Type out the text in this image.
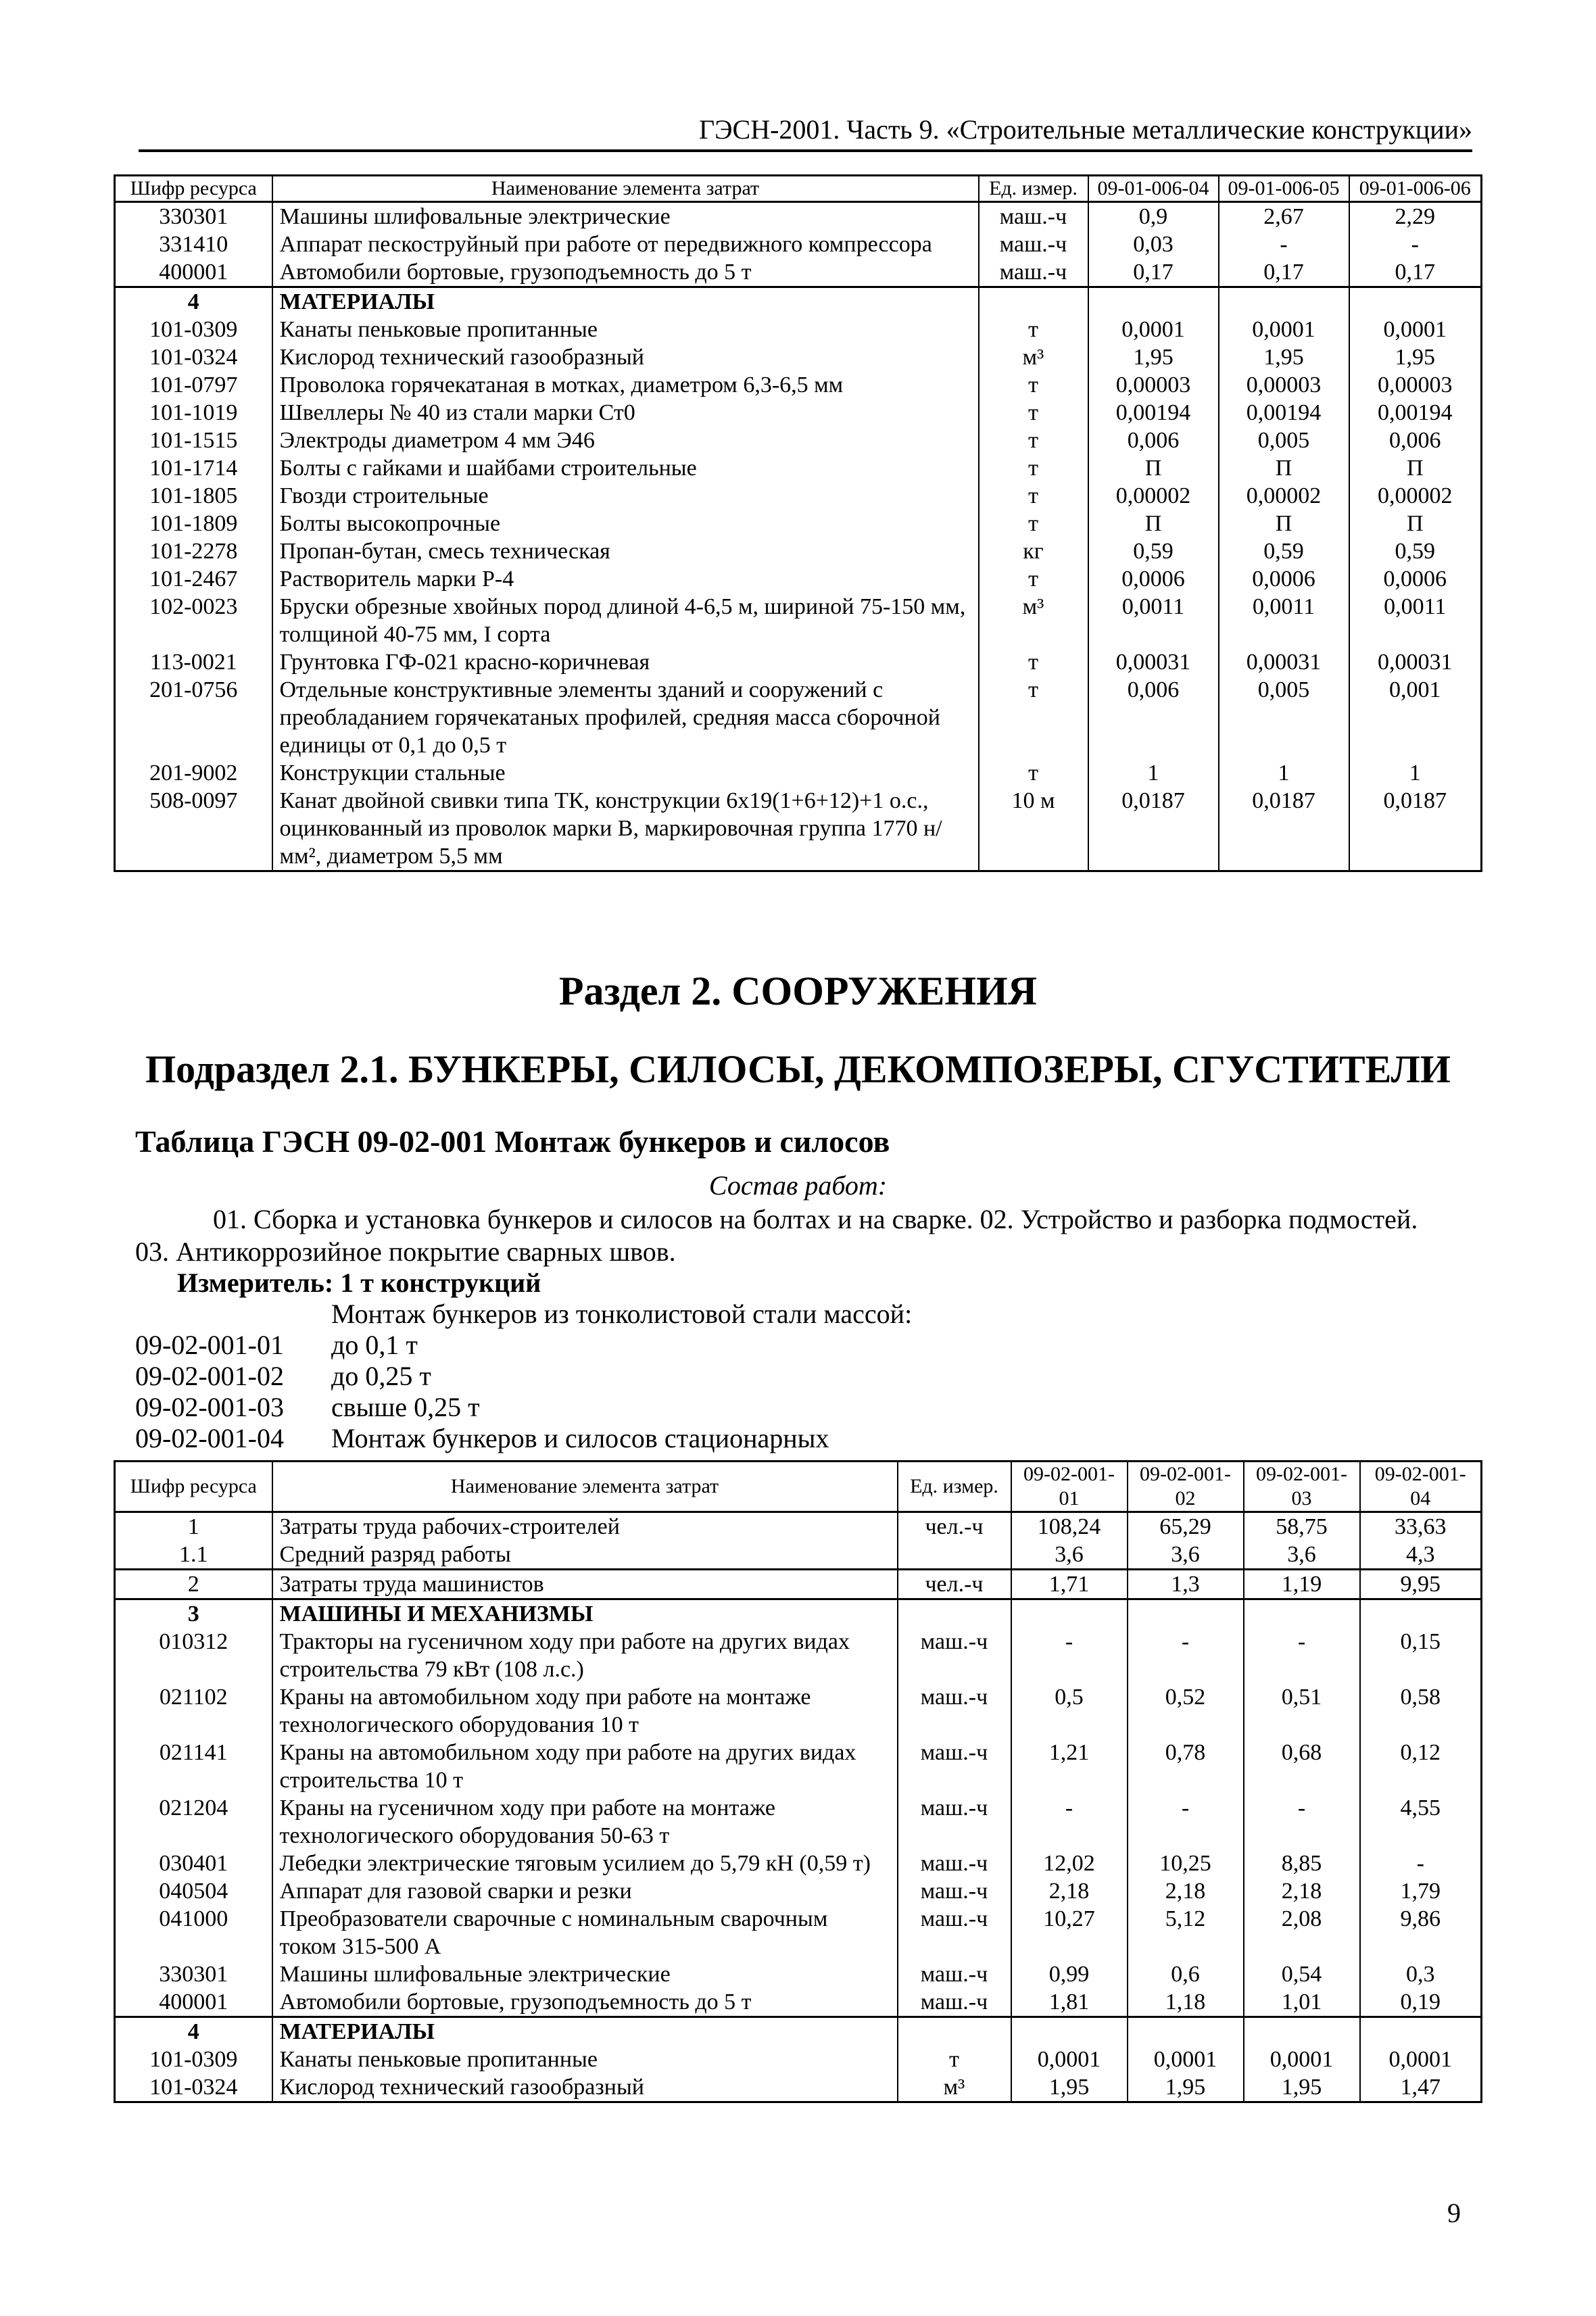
ГЭСН-2001. Часть 9. «Строительные металлические конструкции»
Шифр ресурса	Наименование элемента затрат	Ед. измер.	09-01-006-04	09-01-006-05	09-01-006-06
330301	Машины шлифовальные электрические	маш.-ч	0,9	2,67	2,29
331410	Аппарат пескоструйный при работе от передвижного компрессора	маш.-ч	0,03	-	-
400001	Автомобили бортовые, грузоподъемность до 5 т	маш.-ч	0,17	0,17	0,17
4	МАТЕРИАЛЫ				
101-0309	Канаты пеньковые пропитанные	т	0,0001	0,0001	0,0001
101-0324	Кислород технический газообразный	м³	1,95	1,95	1,95
101-0797	Проволока горячекатаная в мотках, диаметром 6,3-6,5 мм	т	0,00003	0,00003	0,00003
101-1019	Швеллеры № 40 из стали марки Ст0	т	0,00194	0,00194	0,00194
101-1515	Электроды диаметром 4 мм Э46	т	0,006	0,005	0,006
101-1714	Болты с гайками и шайбами строительные	т	П	П	П
101-1805	Гвозди строительные	т	0,00002	0,00002	0,00002
101-1809	Болты высокопрочные	т	П	П	П
101-2278	Пропан-бутан, смесь техническая	кг	0,59	0,59	0,59
101-2467	Растворитель марки Р-4	т	0,0006	0,0006	0,0006
102-0023	Бруски обрезные хвойных пород длиной 4-6,5 м, шириной 75-150 мм, толщиной 40-75 мм, I сорта	м³	0,0011	0,0011	0,0011
113-0021	Грунтовка ГФ-021 красно-коричневая	т	0,00031	0,00031	0,00031
201-0756	Отдельные конструктивные элементы зданий и сооружений с преобладанием горячекатаных профилей, средняя масса сборочной единицы от 0,1 до 0,5 т	т	0,006	0,005	0,001
201-9002	Конструкции стальные	т	1	1	1
508-0097	Канат двойной свивки типа ТК, конструкции 6х19(1+6+12)+1 о.с., оцинкованный из проволок марки В, маркировочная группа 1770 н/мм², диаметром 5,5 мм	10 м	0,0187	0,0187	0,0187
Раздел 2. СООРУЖЕНИЯ
Подраздел 2.1. БУНКЕРЫ, СИЛОСЫ, ДЕКОМПОЗЕРЫ, СГУСТИТЕЛИ
Таблица ГЭСН 09-02-001 Монтаж бункеров и силосов
Состав работ:
01. Сборка и установка бункеров и силосов на болтах и на сварке. 02. Устройство и разборка подмостей.
03. Антикоррозийное покрытие сварных швов.
Измеритель: 1 т конструкций
Монтаж бункеров из тонколистовой стали массой:
09-02-001-01 до 0,1 т
09-02-001-02 до 0,25 т
09-02-001-03 свыше 0,25 т
09-02-001-04 Монтаж бункеров и силосов стационарных
Шифр ресурса	Наименование элемента затрат	Ед. измер.	09-02-001-01	09-02-001-02	09-02-001-03	09-02-001-04
1	Затраты труда рабочих-строителей	чел.-ч	108,24	65,29	58,75	33,63
1.1	Средний разряд работы		3,6	3,6	3,6	4,3
2	Затраты труда машинистов	чел.-ч	1,71	1,3	1,19	9,95
3	МАШИНЫ И МЕХАНИЗМЫ					
010312	Тракторы на гусеничном ходу при работе на других видах строительства 79 кВт (108 л.с.)	маш.-ч	-	-	-	0,15
021102	Краны на автомобильном ходу при работе на монтаже технологического оборудования 10 т	маш.-ч	0,5	0,52	0,51	0,58
021141	Краны на автомобильном ходу при работе на других видах строительства 10 т	маш.-ч	1,21	0,78	0,68	0,12
021204	Краны на гусеничном ходу при работе на монтаже технологического оборудования 50-63 т	маш.-ч	-	-	-	4,55
030401	Лебедки электрические тяговым усилием до 5,79 кН (0,59 т)	маш.-ч	12,02	10,25	8,85	-
040504	Аппарат для газовой сварки и резки	маш.-ч	2,18	2,18	2,18	1,79
041000	Преобразователи сварочные с номинальным сварочным током 315-500 А	маш.-ч	10,27	5,12	2,08	9,86
330301	Машины шлифовальные электрические	маш.-ч	0,99	0,6	0,54	0,3
400001	Автомобили бортовые, грузоподъемность до 5 т	маш.-ч	1,81	1,18	1,01	0,19
4	МАТЕРИАЛЫ					
101-0309	Канаты пеньковые пропитанные	т	0,0001	0,0001	0,0001	0,0001
101-0324	Кислород технический газообразный	м³	1,95	1,95	1,95	1,47
9
